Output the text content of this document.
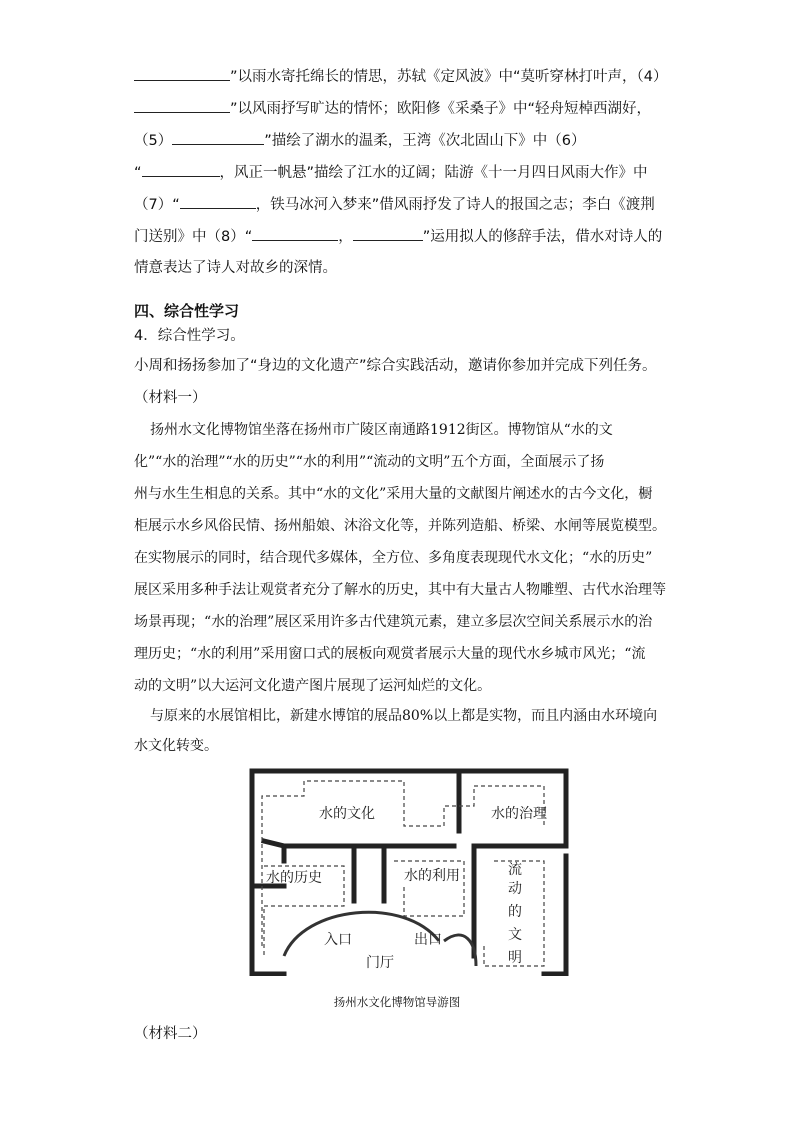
”以雨水寄托绵长的情思，苏轼《定风波》中“莫听穿林打叶声，（4）
”以风雨抒写旷达的情怀；欧阳修《采桑子》中“轻舟短棹西湖好，
（5）	”描绘了湖水的温柔，王湾《次北固山下》中（6）
“	，风正一帆悬”描绘了江水的辽阔；陆游《十一月四日风雨大作》中
（7）“	，铁马冰河入梦来”借风雨抒发了诗人的报国之志；李白《渡荆
门送别》中（8）“	，	”运用拟人的修辞手法，借水对诗人的
情意表达了诗人对故乡的深情。
四、综合性学习
4．综合性学习。
小周和扬扬参加了“身边的文化遗产”综合实践活动，邀请你参加并完成下列任务。
（材料一）
扬州水文化博物馆坐落在扬州市广陵区南通路1912街区。博物馆从“水的文
化”“水的治理”“水的历史”“水的利用”“流动的文明”五个方面，全面展示了扬
州与水生生相息的关系。其中“水的文化”采用大量的文献图片阐述水的古今文化，橱
柜展示水乡风俗民情、扬州船娘、沐浴文化等，并陈列造船、桥梁、水闸等展览模型。
在实物展示的同时，结合现代多媒体，全方位、多角度表现现代水文化；“水的历史”
展区采用多种手法让观赏者充分了解水的历史，其中有大量古人物雕塑、古代水治理等
场景再现；“水的治理”展区采用许多古代建筑元素，建立多层次空间关系展示水的治
理历史；“水的利用”采用窗口式的展板向观赏者展示大量的现代水乡城市风光；“流
动的文明”以大运河文化遗产图片展现了运河灿烂的文化。
与原来的水展馆相比，新建水博馆的展品80%以上都是实物，而且内涵由水环境向
水文化转变。
水的文化	水的治理
水的历史	水的利用	流
动
的
文
明
入口	出口
门厅
扬州水文化博物馆导游图
（材料二）
